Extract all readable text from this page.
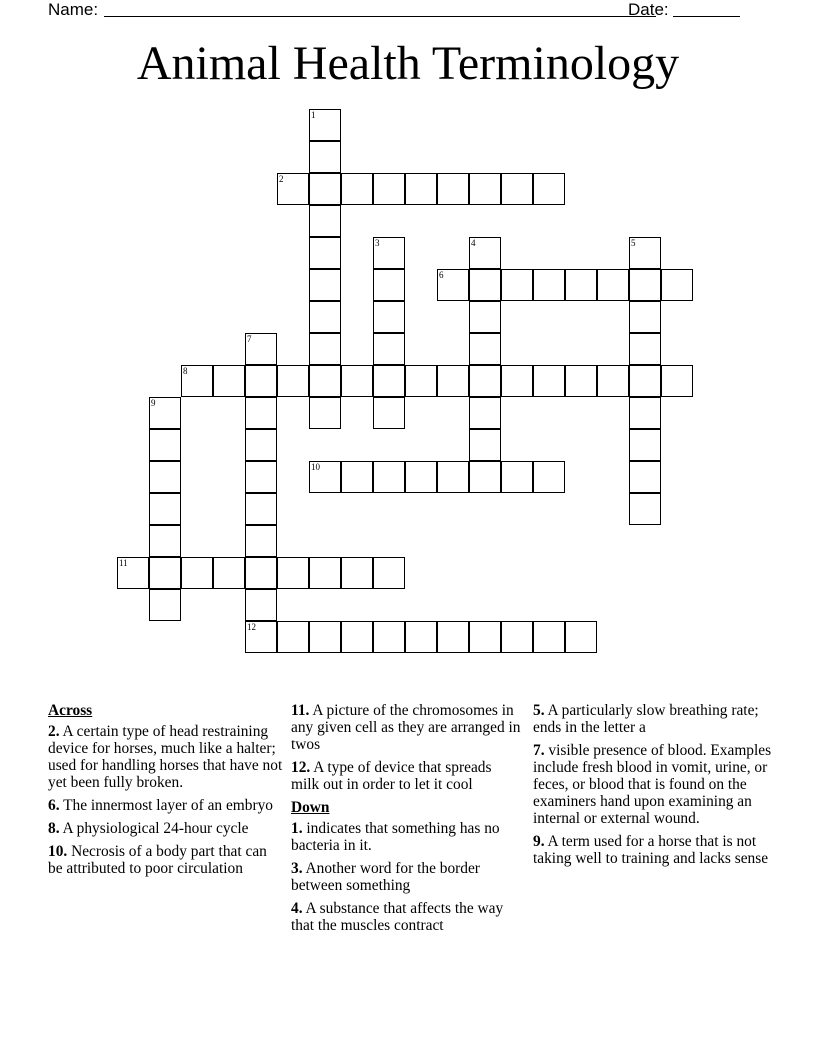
Name:	Date:
Animal Health Terminology
1
2
3	4	5
6
7
8
9
10
11
12
Across
2. A certain type of head restraining device for horses, much like a halter; used for handling horses that have not yet been fully broken.
6. The innermost layer of an embryo
8. A physiological 24-hour cycle
10. Necrosis of a body part that can be attributed to poor circulation
11. A picture of the chromosomes in any given cell as they are arranged in twos
12. A type of device that spreads milk out in order to let it cool
Down
1. indicates that something has no bacteria in it.
3. Another word for the border between something
4. A substance that affects the way that the muscles contract
5. A particularly slow breathing rate; ends in the letter a
7. visible presence of blood. Examples include fresh blood in vomit, urine, or feces, or blood that is found on the examiners hand upon examining an internal or external wound.
9. A term used for a horse that is not taking well to training and lacks sense
